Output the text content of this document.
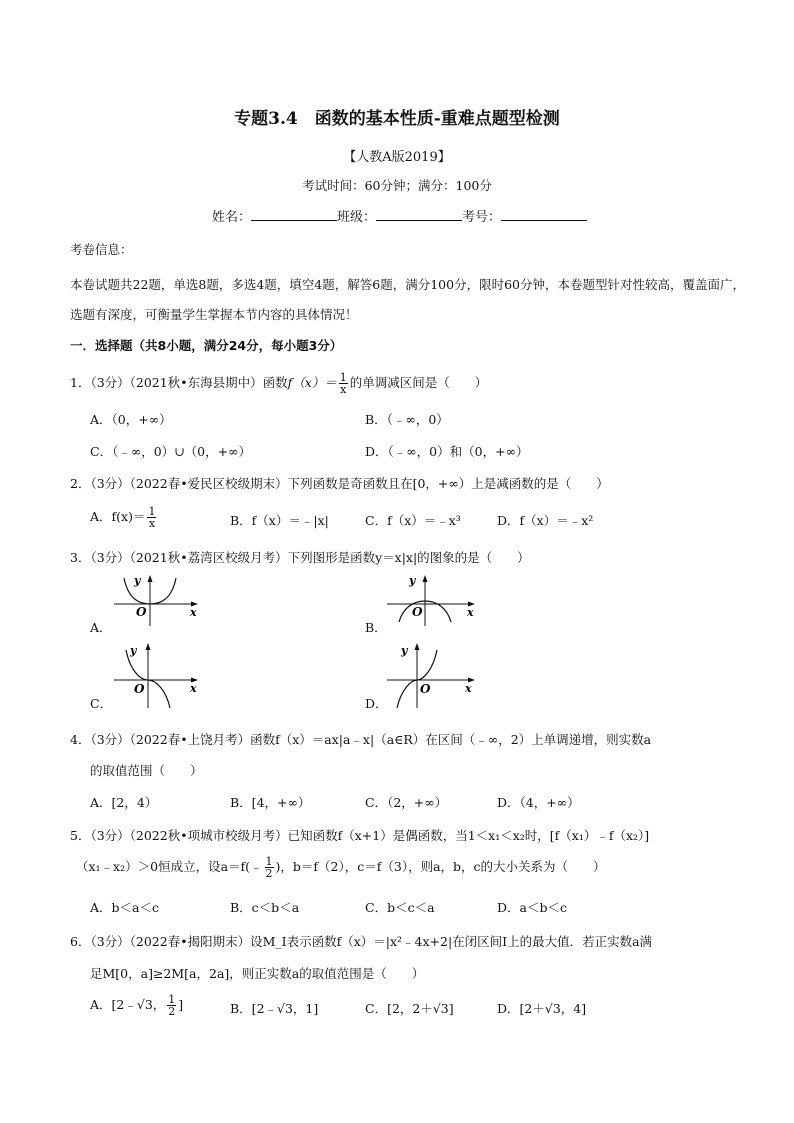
专题3.4　函数的基本性质-重难点题型检测
【人教A版2019】
考试时间：60分钟；满分：100分
姓名：	班级：	考号：
考卷信息：
本卷试题共22题，单选8题，多选4题，填空4题，解答6题，满分100分，限时60分钟，本卷题型针对性较高，覆盖面广，选题有深度，可衡量学生掌握本节内容的具体情况！
一．选择题（共8小题，满分24分，每小题3分）
1．（3分）（2021秋•东海县期中）函数$f(x)= \frac{1}{x}$ 的单调减区间是（　　）
A．（0，+∞）	B．（﹣∞，0）
C．（﹣∞，0）∪（0，+∞）	D．（﹣∞，0）和（0，+∞）
2．（3分）（2022春•爱民区校级期末）下列函数是奇函数且在[0，+∞）上是减函数的是（　　）
A．$f(x)= \frac{1}{x}$	B．f（x）＝﹣|x|	C．f（x）＝﹣x³	D．f（x）＝﹣x²
3．（3分）（2021秋•荔湾区校级月考）下列图形是函数y＝x|x|的图象的是（　　）
A．
y
O	x
B．
y
O	x
C．
y
O	x
D．
y
O	x
4．（3分）（2022春•上饶月考）函数f（x）＝ax|a﹣x|（a∈R）在区间（﹣∞，2）上单调递增，则实数a
的取值范围（　　）
A．[2，4）	B．[4，+∞）	C．（2，+∞）	D．（4，+∞）
5．（3分）（2022秋•项城市校级月考）已知函数f（x+1）是偶函数，当1＜x₁＜x₂时，[f（x₁）﹣f（x₂）]
（x₁﹣x₂）＞0恒成立，设a＝f(﹣ $\frac{1}{2}$ )，b＝f（2），c＝f（3），则a，b，c的大小关系为（　　）
A．b＜a＜c	B．c＜b＜a	C．b＜c＜a	D．a＜b＜c
6．（3分）（2022春•揭阳期末）设M_I表示函数f（x）＝|x²﹣4x+2|在闭区间I上的最大值．若正实数a满
足M[0，a]≥2M[a，2a]，则正实数a的取值范围是（　　）
A．[2﹣√3， $\frac{1}{2}$ ]	B．[2﹣√3，1]	C．[2，2＋√3]	D．[2＋√3，4]
